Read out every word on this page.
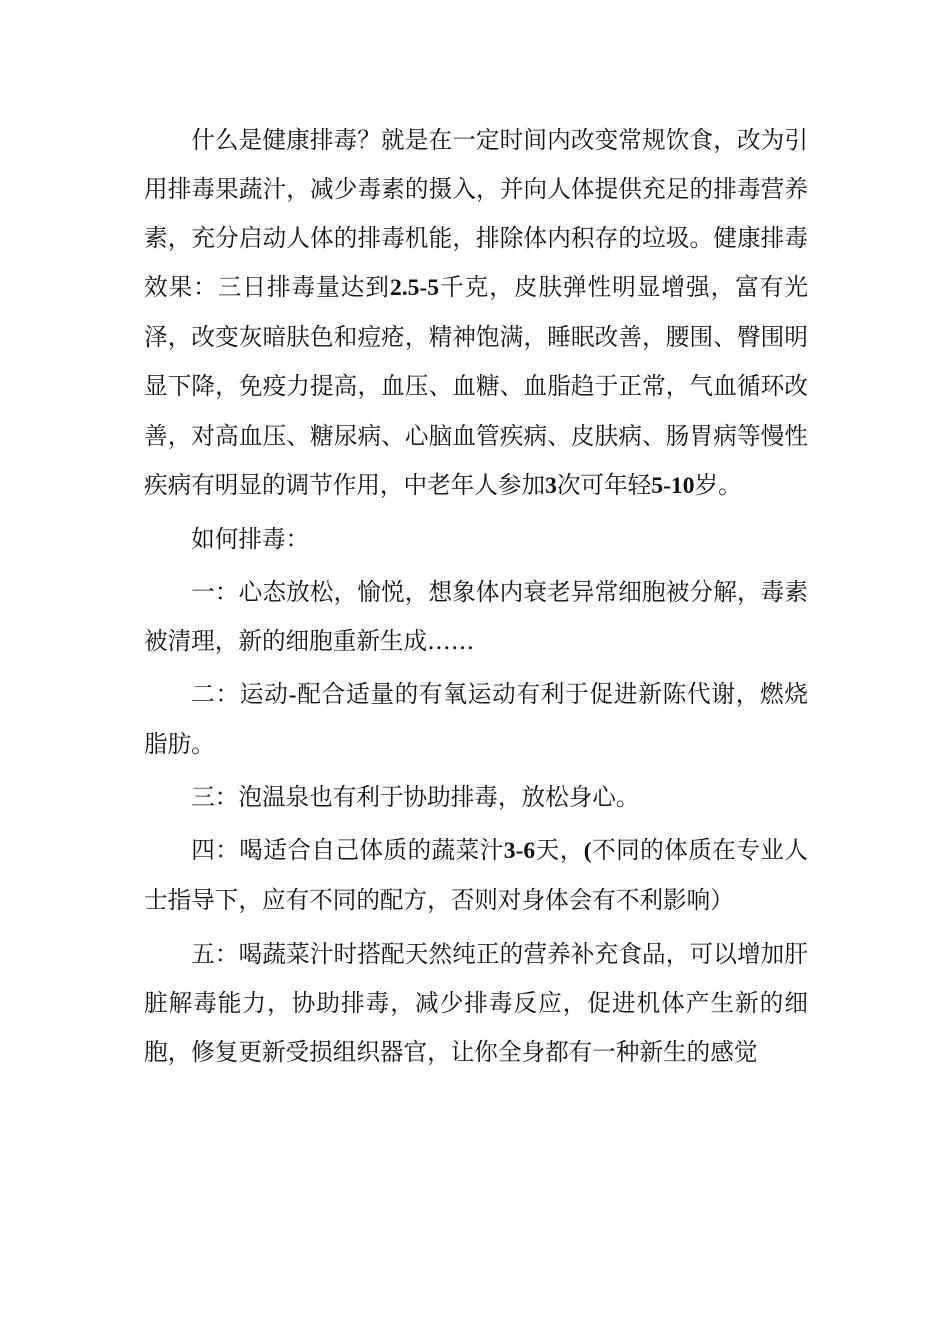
什么是健康排毒？就是在一定时间内改变常规饮食，改为引用排毒果蔬汁，减少毒素的摄入，并向人体提供充足的排毒营养素，充分启动人体的排毒机能，排除体内积存的垃圾。健康排毒效果：三日排毒量达到2.5-5千克，皮肤弹性明显增强，富有光泽，改变灰暗肤色和痘疮，精神饱满，睡眠改善，腰围、臀围明显下降，免疫力提高，血压、血糖、血脂趋于正常，气血循环改善，对高血压、糖尿病、心脑血管疾病、皮肤病、肠胃病等慢性疾病有明显的调节作用，中老年人参加3次可年轻5-10岁。

如何排毒：

一：心态放松，愉悦，想象体内衰老异常细胞被分解，毒素被清理，新的细胞重新生成……

二：运动-配合适量的有氧运动有利于促进新陈代谢，燃烧脂肪。

三：泡温泉也有利于协助排毒，放松身心。

四：喝适合自己体质的蔬菜汁3-6天，(不同的体质在专业人士指导下，应有不同的配方，否则对身体会有不利影响）

五：喝蔬菜汁时搭配天然纯正的营养补充食品，可以增加肝脏解毒能力，协助排毒，减少排毒反应，促进机体产生新的细胞，修复更新受损组织器官，让你全身都有一种新生的感觉
